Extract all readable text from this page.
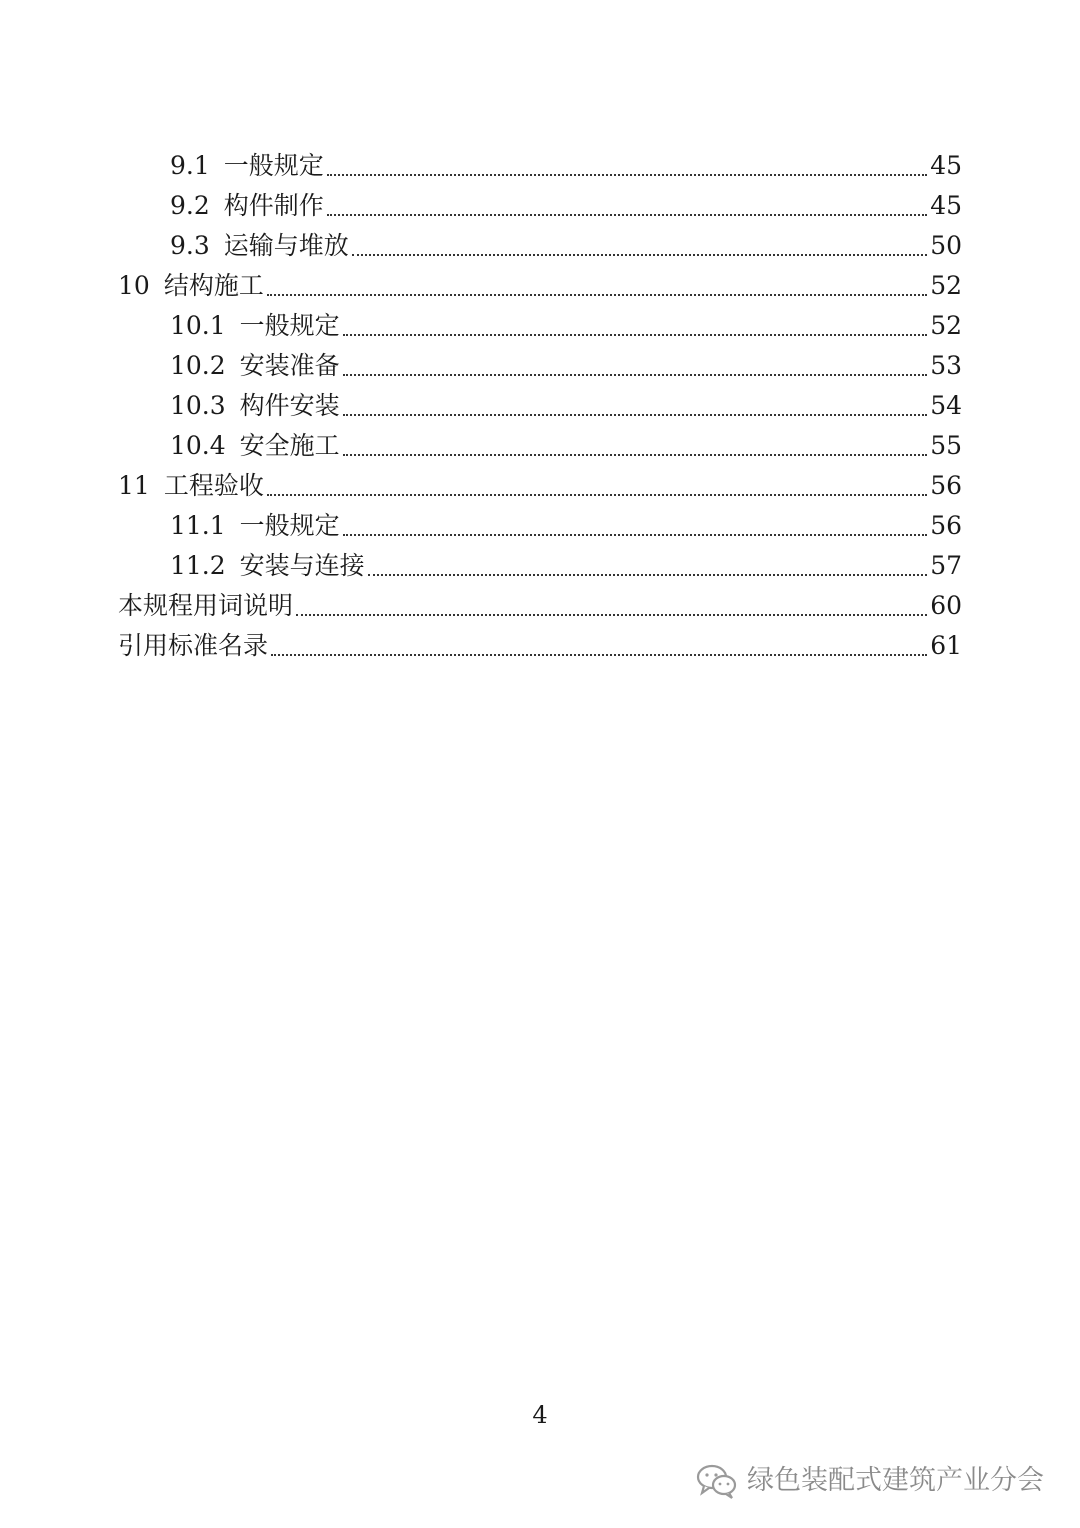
9.1 一般规定	45
9.2 构件制作	45
9.3 运输与堆放	50
10 结构施工	52
10.1 一般规定	52
10.2 安装准备	53
10.3 构件安装	54
10.4 安全施工	55
11 工程验收	56
11.1 一般规定	56
11.2 安装与连接	57
本规程用词说明	60
引用标准名录	61
4
绿色装配式建筑产业分会
